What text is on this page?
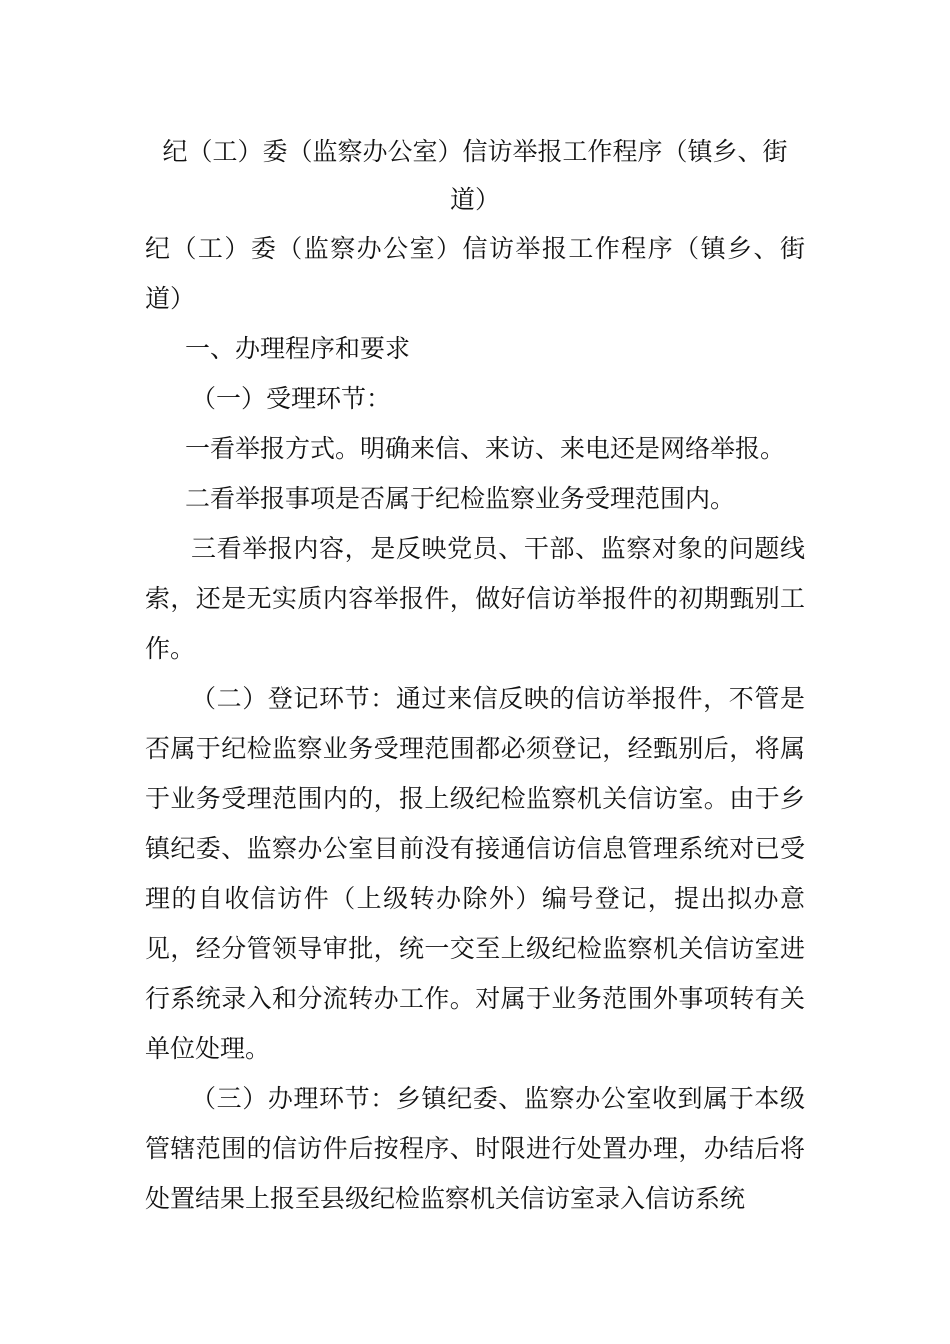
纪（工）委（监察办公室）信访举报工作程序（镇乡、街道）

纪（工）委（监察办公室）信访举报工作程序（镇乡、街道）

一、办理程序和要求

（一）受理环节：

一看举报方式。明确来信、来访、来电还是网络举报。

二看举报事项是否属于纪检监察业务受理范围内。

三看举报内容，是反映党员、干部、监察对象的问题线索，还是无实质内容举报件，做好信访举报件的初期甄别工作。

（二）登记环节：通过来信反映的信访举报件，不管是否属于纪检监察业务受理范围都必须登记，经甄别后，将属于业务受理范围内的，报上级纪检监察机关信访室。由于乡镇纪委、监察办公室目前没有接通信访信息管理系统对已受理的自收信访件（上级转办除外）编号登记，提出拟办意见，经分管领导审批，统一交至上级纪检监察机关信访室进行系统录入和分流转办工作。对属于业务范围外事项转有关单位处理。

（三）办理环节：乡镇纪委、监察办公室收到属于本级管辖范围的信访件后按程序、时限进行处置办理，办结后将处置结果上报至县级纪检监察机关信访室录入信访系统
